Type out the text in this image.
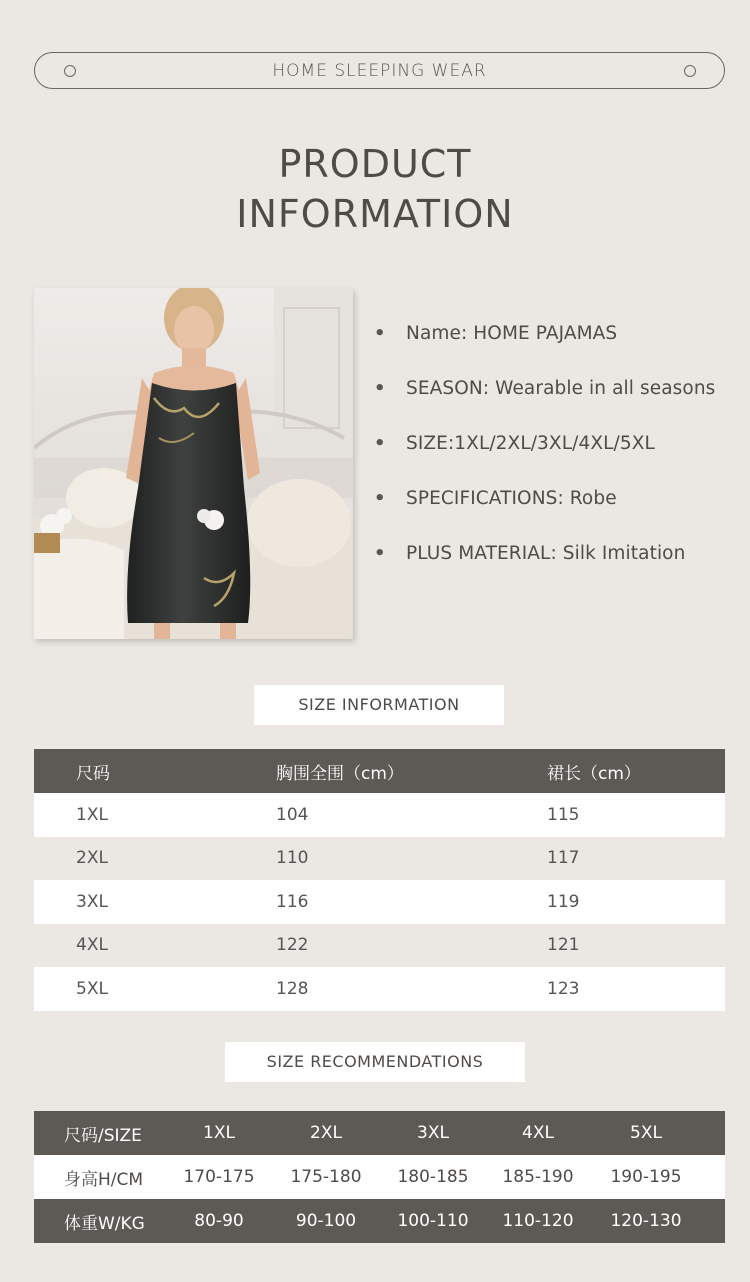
HOME SLEEPING WEAR
PRODUCT
INFORMATION
•	Name: HOME PAJAMAS
•	SEASON: Wearable in all seasons
•	SIZE:1XL/2XL/3XL/4XL/5XL
•	SPECIFICATIONS: Robe
•	PLUS MATERIAL: Silk Imitation
SIZE INFORMATION
尺码	胸围全围（cm）	裙长（cm）
1XL	104	115
2XL	110	117
3XL	116	119
4XL	122	121
5XL	128	123
SIZE RECOMMENDATIONS
尺码/SIZE	1XL	2XL	3XL	4XL	5XL
身高H/CM	170-175	175-180	180-185	185-190	190-195
体重W/KG	80-90	90-100	100-110	110-120	120-130
